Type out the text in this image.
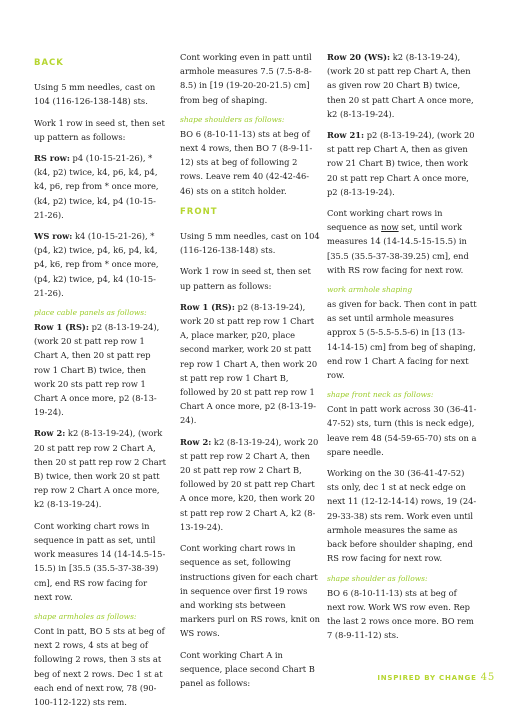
BACK

Using 5 mm needles, cast on 104 (116-126-138-148) sts.

Work 1 row in seed st, then set up pattern as follows:

RS row: p4 (10-15-21-26), *(k4, p2) twice, k4, p6, k4, p4, k4, p6, rep from * once more, (k4, p2) twice, k4, p4 (10-15-21-26).

WS row: k4 (10-15-21-26), *(p4, k2) twice, p4, k6, p4, k4, p4, k6, rep from * once more, (p4, k2) twice, p4, k4 (10-15-21-26).

place cable panels as follows:

Row 1 (RS): p2 (8-13-19-24), (work 20 st patt rep row 1 Chart A, then 20 st patt rep row 1 Chart B) twice, then work 20 sts patt rep row 1 Chart A once more, p2 (8-13-19-24).

Row 2: k2 (8-13-19-24), (work 20 st patt rep row 2 Chart A, then 20 st patt rep row 2 Chart B) twice, then work 20 st patt rep row 2 Chart A once more, k2 (8-13-19-24).

Cont working chart rows in sequence in patt as set, until work measures 14 (14-14.5-15-15.5) in [35.5 (35.5-37-38-39) cm], end RS row facing for next row.

shape armholes as follows:

Cont in patt, BO 5 sts at beg of next 2 rows, 4 sts at beg of following 2 rows, then 3 sts at beg of next 2 rows. Dec 1 st at each end of next row, 78 (90-100-112-122) sts rem.

Cont working even in patt until armhole measures 7.5 (7.5-8-8-8.5) in [19 (19-20-20-21.5) cm] from beg of shaping.

shape shoulders as follows:

BO 6 (8-10-11-13) sts at beg of next 4 rows, then BO 7 (8-9-11-12) sts at beg of following 2 rows. Leave rem 40 (42-42-46-46) sts on a stitch holder.

FRONT

Using 5 mm needles, cast on 104 (116-126-138-148) sts.

Work 1 row in seed st, then set up pattern as follows:

Row 1 (RS): p2 (8-13-19-24), work 20 st patt rep row 1 Chart A, place marker, p20, place second marker, work 20 st patt rep row 1 Chart A, then work 20 st patt rep row 1 Chart B, followed by 20 st patt rep row 1 Chart A once more, p2 (8-13-19-24).

Row 2: k2 (8-13-19-24), work 20 st patt rep row 2 Chart A, then 20 st patt rep row 2 Chart B, followed by 20 st patt rep Chart A once more, k20, then work 20 st patt rep row 2 Chart A, k2 (8-13-19-24).

Cont working chart rows in sequence as set, following instructions given for each chart in sequence over first 19 rows and working sts between markers purl on RS rows, knit on WS rows.

Cont working Chart A in sequence, place second Chart B panel as follows:

Row 20 (WS): k2 (8-13-19-24), (work 20 st patt rep Chart A, then as given row 20 Chart B) twice, then 20 st patt Chart A once more, k2 (8-13-19-24).

Row 21: p2 (8-13-19-24), (work 20 st patt rep Chart A, then as given row 21 Chart B) twice, then work 20 st patt rep Chart A once more, p2 (8-13-19-24).

Cont working chart rows in sequence as now set, until work measures 14 (14-14.5-15-15.5) in [35.5 (35.5-37-38-39.25) cm], end with RS row facing for next row.

work armhole shaping

as given for back. Then cont in patt as set until armhole measures approx 5 (5-5.5-5.5-6) in [13 (13-14-14-15) cm] from beg of shaping, end row 1 Chart A facing for next row.

shape front neck as follows:

Cont in patt work across 30 (36-41-47-52) sts, turn (this is neck edge), leave rem 48 (54-59-65-70) sts on a spare needle.

Working on the 30 (36-41-47-52) sts only, dec 1 st at neck edge on next 11 (12-12-14-14) rows, 19 (24-29-33-38) sts rem. Work even until armhole measures the same as back before shoulder shaping, end RS row facing for next row.

shape shoulder as follows:

BO 6 (8-10-11-13) sts at beg of next row. Work WS row even. Rep the last 2 rows once more. BO rem 7 (8-9-11-12) sts.

INSPIRED BY CHANGE 45
